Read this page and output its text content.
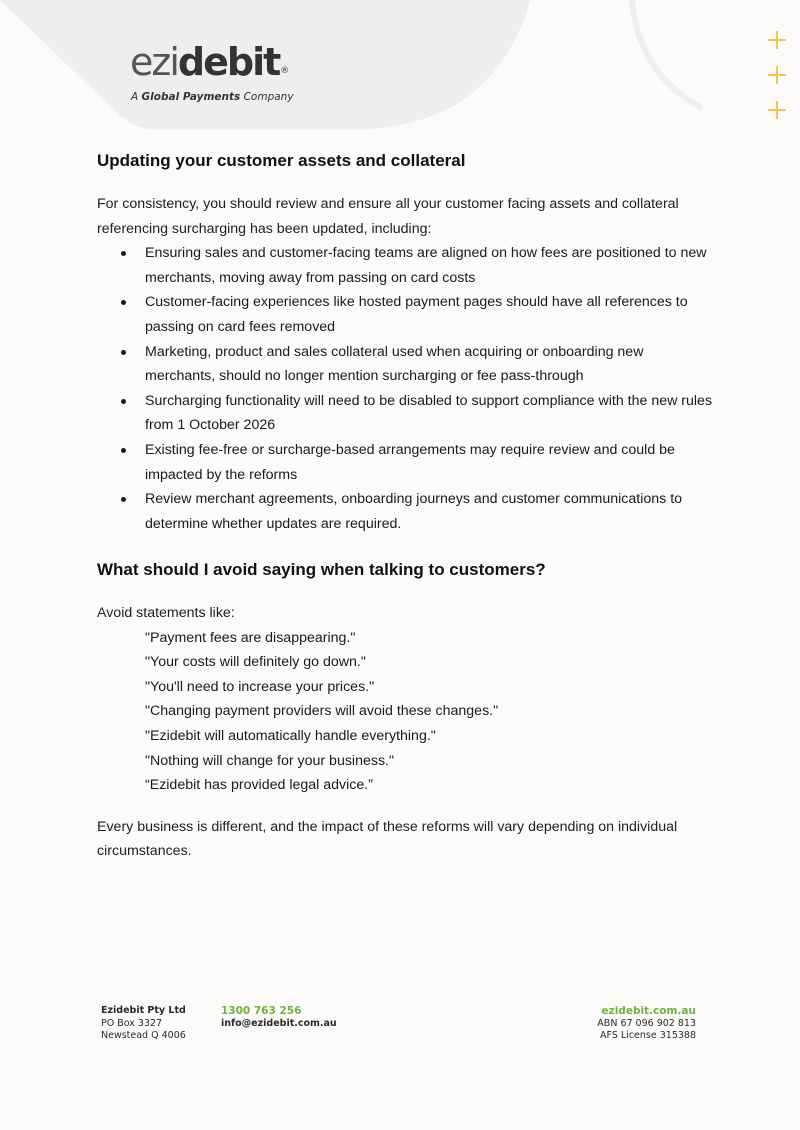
ezidebit®
A Global Payments Company
Updating your customer assets and collateral

For consistency, you should review and ensure all your customer facing assets and collateral referencing surcharging has been updated, including:

Ensuring sales and customer-facing teams are aligned on how fees are positioned to new merchants, moving away from passing on card costs
Customer-facing experiences like hosted payment pages should have all references to passing on card fees removed
Marketing, product and sales collateral used when acquiring or onboarding new merchants, should no longer mention surcharging or fee pass-through
Surcharging functionality will need to be disabled to support compliance with the new rules from 1 October 2026
Existing fee-free or surcharge-based arrangements may require review and could be impacted by the reforms
Review merchant agreements, onboarding journeys and customer communications to determine whether updates are required.
What should I avoid saying when talking to customers?

Avoid statements like:

"Payment fees are disappearing."
"Your costs will definitely go down."
"You'll need to increase your prices."
"Changing payment providers will avoid these changes."
"Ezidebit will automatically handle everything."
"Nothing will change for your business."
“Ezidebit has provided legal advice.”

Every business is different, and the impact of these reforms will vary depending on individual circumstances.

Ezidebit Pty Ltd
PO Box 3327
Newstead Q 4006
1300 763 256
info@ezidebit.com.au
ezidebit.com.au
ABN 67 096 902 813
AFS License 315388
